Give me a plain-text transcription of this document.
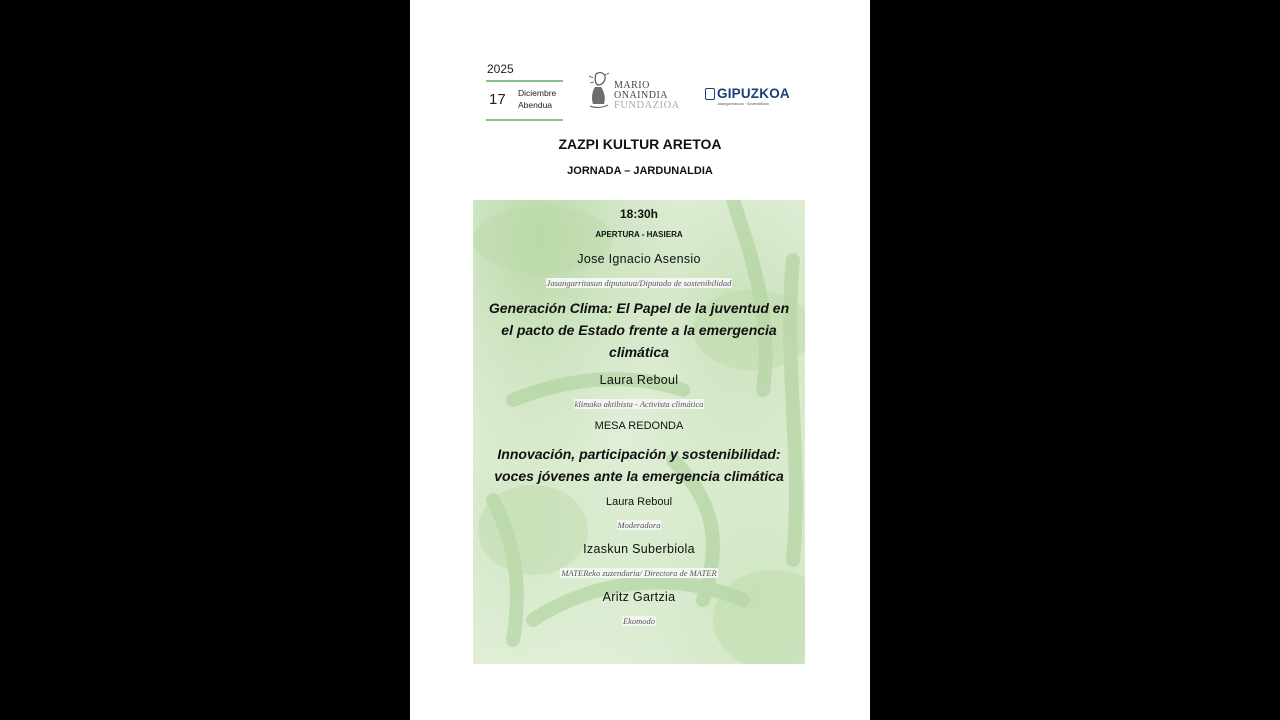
2025
17 Diciembre
Abendua
MARIO
ONAINDIA
FUNDAZIOA
GIPUZKOA
Jasangarritasuna · Sostenibilidad
ZAZPI KULTUR ARETOA
JORNADA – JARDUNALDIA
18:30h
APERTURA - HASIERA
Jose Ignacio Asensio
Jasangarritasun diputatua/Diputado de sostenibilidad
Generación Clima: El Papel de la juventud en
el pacto de Estado frente a la emergencia
climática
Laura Reboul
klimako aktibista - Activista climática
MESA REDONDA
Innovación, participación y sostenibilidad:
voces jóvenes ante la emergencia climática
Laura Reboul
Moderadora
Izaskun Suberbiola
MATEReko zuzendaria/ Directora de MATER
Aritz Gartzia
Ekomodo
